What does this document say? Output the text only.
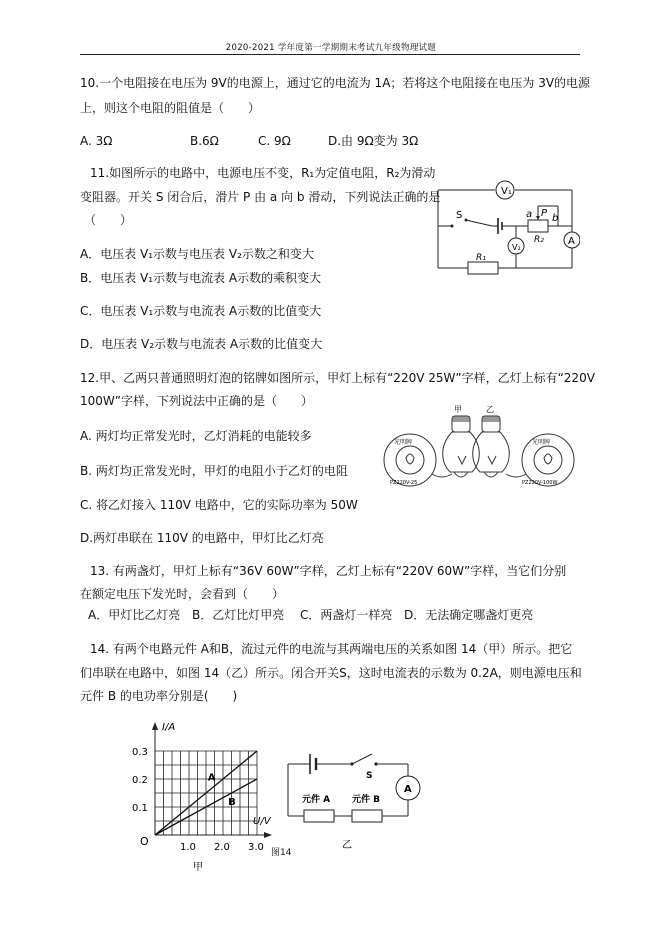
2020-2021 学年度第一学期期末考试九年级物理试题
10.一个电阻接在电压为 9V的电源上，通过它的电流为 1A；若将这个电阻接在电压为 3V的电源
上，则这个电阻的阻值是（　　）
A. 3Ω	B.6Ω	C. 9Ω	D.由 9Ω变为 3Ω
11.如图所示的电路中，电源电压不变，R₁为定值电阻，R₂为滑动
变阻器。开关 S 闭合后，滑片 P 由 a 向 b 滑动，下列说法正确的是
（　　）
A．电压表 V₁示数与电压表 V₂示数之和变大
B．电压表 V₁示数与电流表 A示数的乘积变大
C．电压表 V₁示数与电流表 A示数的比值变大
D．电压表 V₂示数与电流表 A示数的比值变大
V₁
V₂
A
S	a P b
R₂
R₁
12.甲、乙两只普通照明灯泡的铭牌如图所示，甲灯上标有“220V 25W”字样，乙灯上标有“220V
100W”字样，下列说法中正确的是（　　）
A. 两灯均正常发光时，乙灯消耗的电能较多
B. 两灯均正常发光时，甲灯的电阻小于乙灯的电阻
C. 将乙灯接入 110V 电路中，它的实际功率为 50W
D.两灯串联在 110V 的电路中，甲灯比乙灯亮
甲	乙
光明牌
PZ220V-25
光明牌
PZ220V-100W
13. 有两盏灯，甲灯上标有“36V 60W”字样，乙灯上标有“220V 60W”字样，当它们分别
在额定电压下发光时，会看到（　　）
A．甲灯比乙灯亮 B．乙灯比灯甲亮 C．两盏灯一样亮 D．无法确定哪盏灯更亮
14. 有两个电路元件 A和B，流过元件的电流与其两端电压的关系如图 14（甲）所示。把它
们串联在电路中，如图 14（乙）所示。闭合开关S，这时电流表的示数为 0.2A，则电源电压和
元件 B 的电功率分别是(　　)
A
B
1.0 2.0 3.0
0.1
0.2
0.3
I/A
U/V
O
甲
S
A
元件 A 元件 B
乙
图14
